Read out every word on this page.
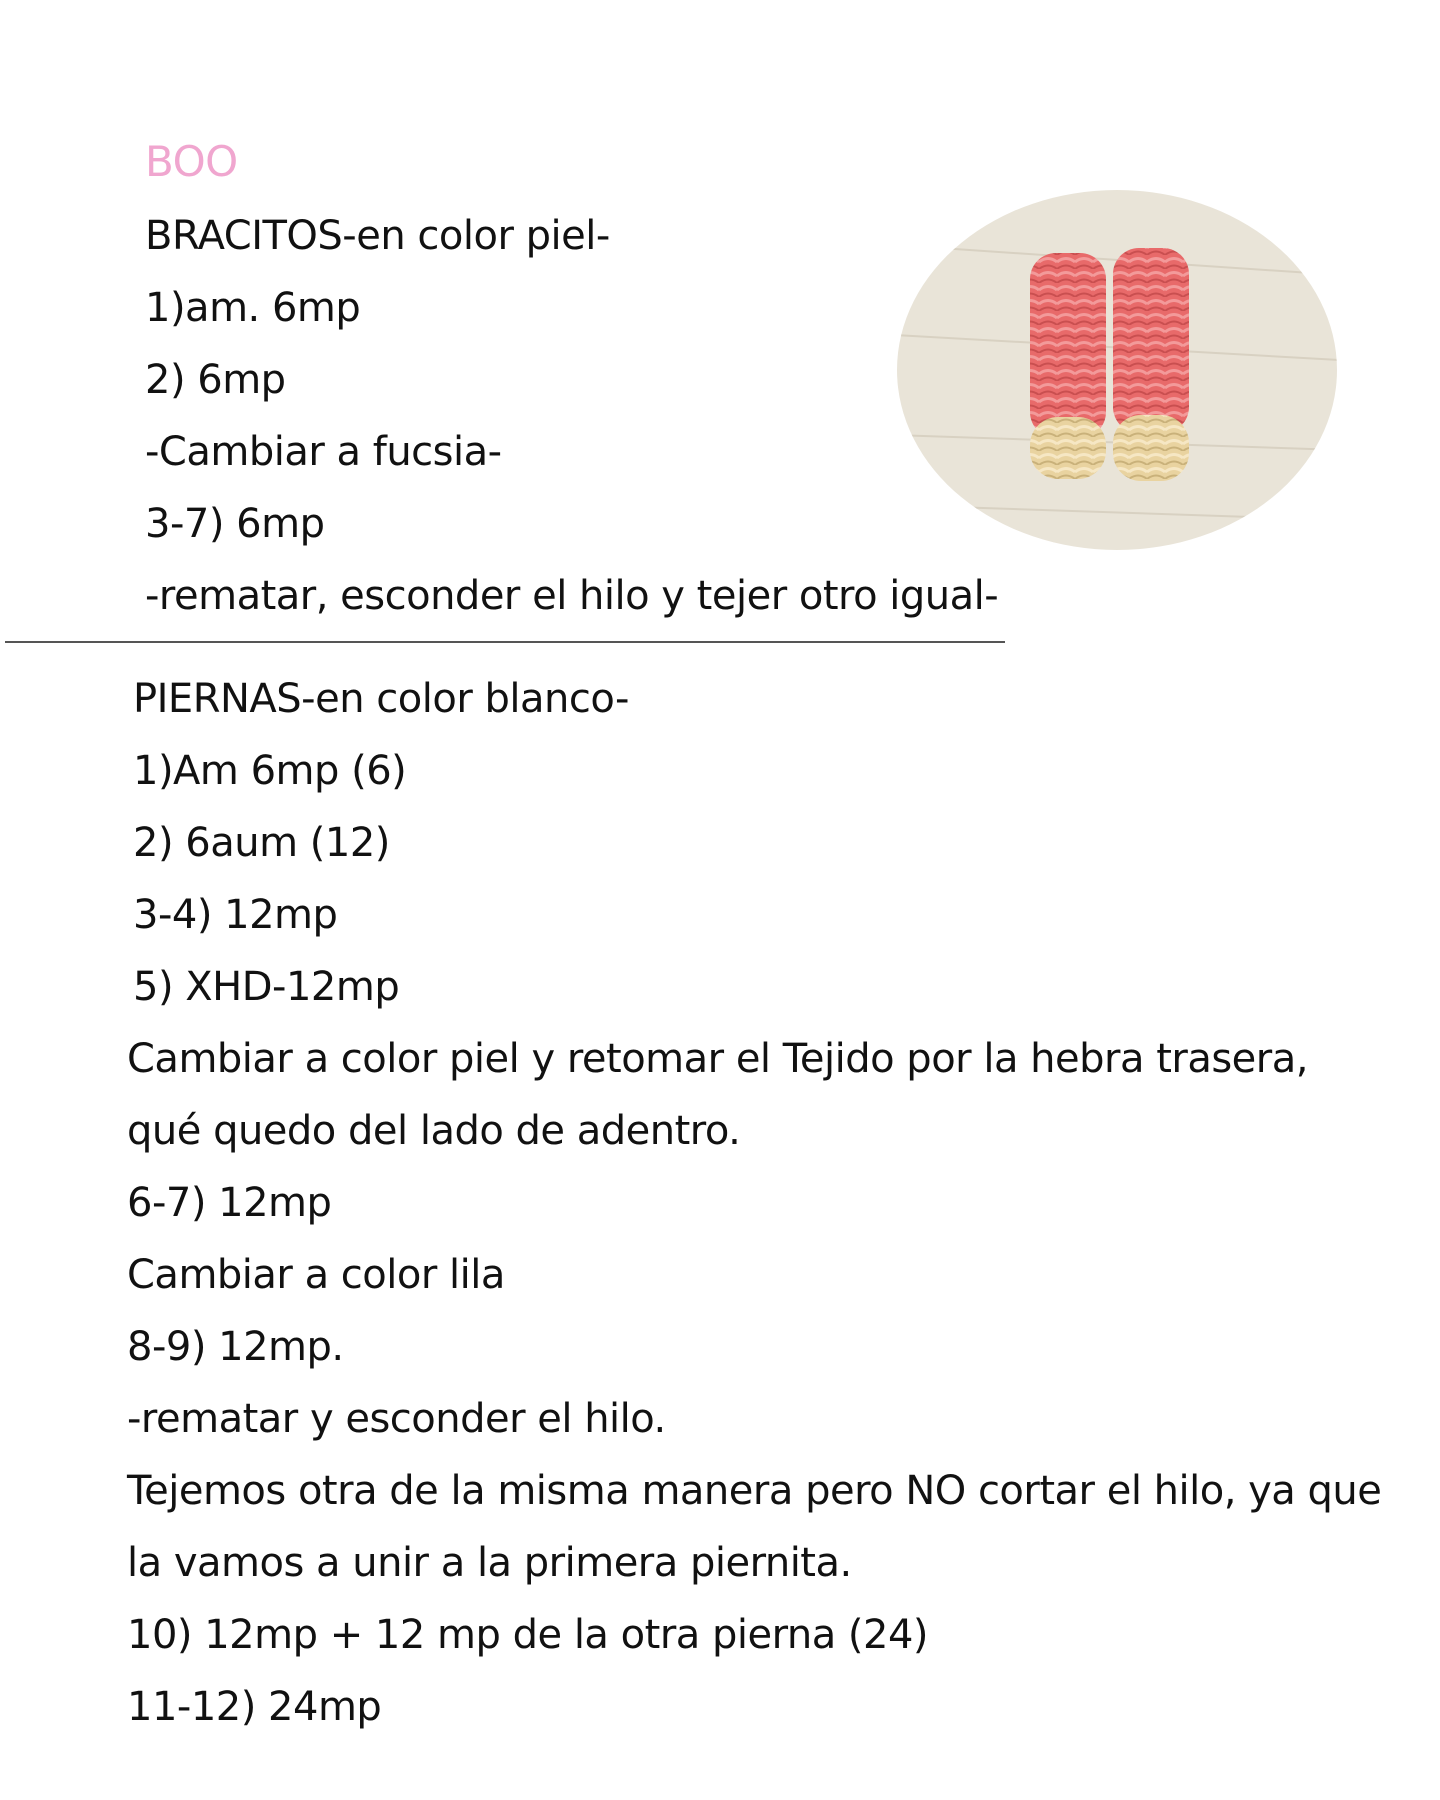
BOO
BRACITOS-en color piel-
1)am. 6mp
2) 6mp
-Cambiar a fucsia-
3-7) 6mp
-rematar, esconder el hilo y tejer otro igual-
PIERNAS-en color blanco-
1)Am 6mp (6)
2) 6aum (12)
3-4) 12mp
5) XHD-12mp
Cambiar a color piel y retomar el Tejido por la hebra trasera,
qué quedo del lado de adentro.
6-7) 12mp
Cambiar a color lila
8-9) 12mp.
-rematar y esconder el hilo.
Tejemos otra de la misma manera pero NO cortar el hilo, ya que
la vamos a unir a la primera piernita.
10) 12mp + 12 mp de la otra pierna (24)
11-12) 24mp
